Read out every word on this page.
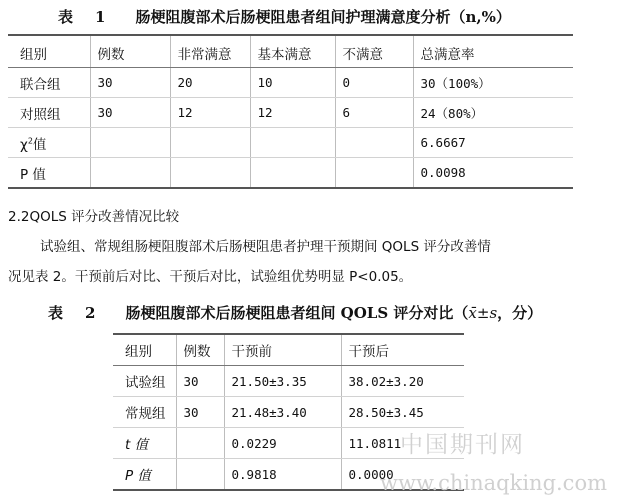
表 1 肠梗阻腹部术后肠梗阻患者组间护理满意度分析（n,%）
组别	例数	非常满意	基本满意	不满意	总满意率
联合组	30	20	10	0	30（100%）
对照组	30	12	12	6	24（80%）
$\chi^2$值					6.6667
P 值					0.0098
2.2QOLS 评分改善情况比较
试验组、常规组肠梗阻腹部术后肠梗阻患者护理干预期间 QOLS 评分改善情
况见表 2。干预前后对比、干预后对比，试验组优势明显 P<0.05。
表 2 肠梗阻腹部术后肠梗阻患者组间 QOLS 评分对比（x̄±s，分）
组别	例数	干预前	干预后
试验组	30	21.50±3.35	38.02±3.20
常规组	30	21.48±3.40	28.50±3.45
t 值		0.0229	11.0811
P 值		0.9818	0.0000
中国期刊网
www.chinaqking.com
